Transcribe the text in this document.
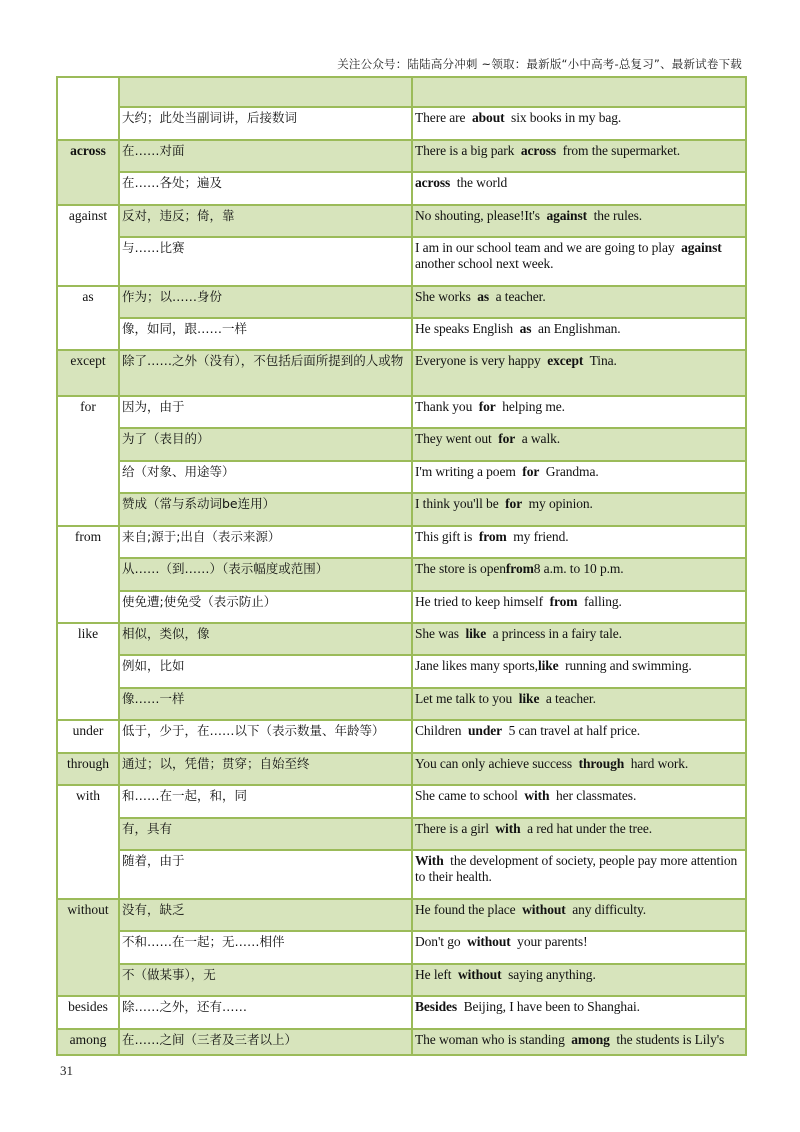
关注公众号：陆陆高分冲刺 ~领取：最新版“小中高考-总复习”、最新试卷下载

	大约；此处当副词讲，后接数词	There are  about  six books in my bag.
across	在……对面	There is a big park  across  from the supermarket.
	在……各处；遍及	across  the world
against	反对，违反；倚，靠	No shouting, please!It's  against  the rules.
	与……比赛	I am in our school team and we are going to play  against another school next week.
as	作为；以……身份	She works  as  a teacher.
	像，如同，跟……一样	He speaks English  as  an Englishman.
except	除了……之外（没有），不包括后面所提到的人或物	Everyone is very happy  except  Tina.
for	因为，由于	Thank you  for  helping me.
	为了（表目的）	They went out  for  a walk.
	给（对象、用途等）	I'm writing a poem  for  Grandma.
	赞成（常与系动词be连用）	I think you'll be  for  my opinion.
from	来自;源于;出自（表示来源）	This gift is  from  my friend.
	从……（到……）（表示幅度或范围）	The store is openfrom8 a.m. to 10 p.m.
	使免遭;使免受（表示防止）	He tried to keep himself  from  falling.
like	相似，类似，像	She was  like  a princess in a fairy tale.
	例如，比如	Jane likes many sports,like  running and swimming.
	像……一样	Let me talk to you  like  a teacher.
under	低于，少于，在……以下（表示数量、年龄等）	Children  under  5 can travel at half price.
through	通过；以，凭借；贯穿；自始至终	You can only achieve success  through  hard work.
with	和……在一起，和，同	She came to school  with  her classmates.
	有，具有	There is a girl  with  a red hat under the tree.
	随着，由于	With  the development of society, people pay more attention to their health.
without	没有，缺乏	He found the place  without  any difficulty.
	不和……在一起；无……相伴	Don't go  without  your parents!
	不（做某事），无	He left  without  saying anything.
besides	除……之外，还有……	Besides  Beijing, I have been to Shanghai.
among	在……之间（三者及三者以上）	The woman who is standing  among  the students is Lily's
31
